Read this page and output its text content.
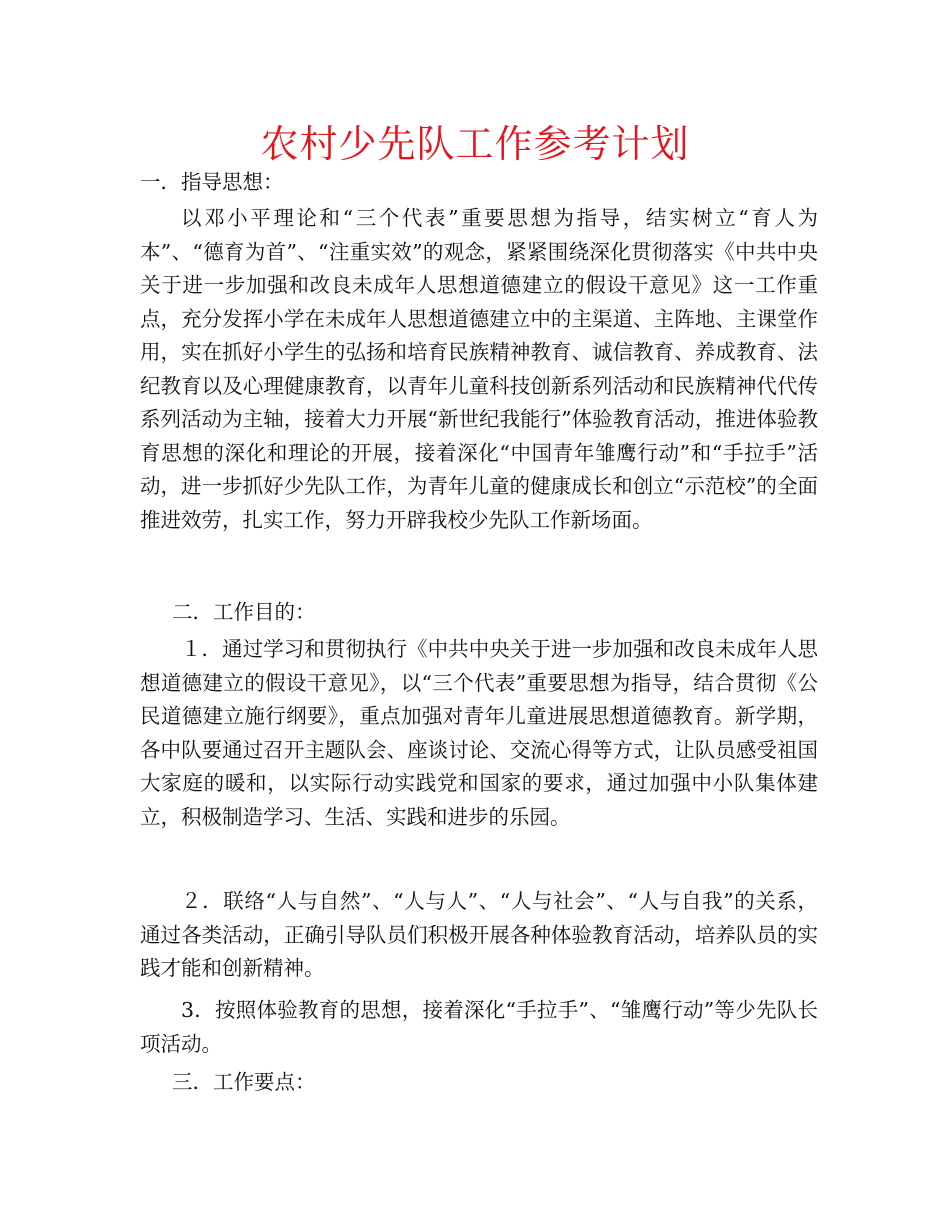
农村少先队工作参考计划
一．指导思想：
以邓小平理论和“三个代表”重要思想为指导，结实树立“育人为本”、“德育为首”、“注重实效”的观念，紧紧围绕深化贯彻落实《中共中央关于进一步加强和改良未成年人思想道德建立的假设干意见》这一工作重点，充分发挥小学在未成年人思想道德建立中的主渠道、主阵地、主课堂作用，实在抓好小学生的弘扬和培育民族精神教育、诚信教育、养成教育、法纪教育以及心理健康教育，以青年儿童科技创新系列活动和民族精神代代传系列活动为主轴，接着大力开展“新世纪我能行”体验教育活动，推进体验教育思想的深化和理论的开展，接着深化“中国青年雏鹰行动”和“手拉手”活动，进一步抓好少先队工作，为青年儿童的健康成长和创立“示范校”的全面推进效劳，扎实工作，努力开辟我校少先队工作新场面。
二．工作目的：
１．通过学习和贯彻执行《中共中央关于进一步加强和改良未成年人思想道德建立的假设干意见》，以“三个代表”重要思想为指导，结合贯彻《公民道德建立施行纲要》，重点加强对青年儿童进展思想道德教育。新学期，各中队要通过召开主题队会、座谈讨论、交流心得等方式，让队员感受祖国大家庭的暖和，以实际行动实践党和国家的要求，通过加强中小队集体建立，积极制造学习、生活、实践和进步的乐园。
２．联络“人与自然”、“人与人”、“人与社会”、“人与自我”的关系，通过各类活动，正确引导队员们积极开展各种体验教育活动，培养队员的实践才能和创新精神。
3．按照体验教育的思想，接着深化“手拉手”、“雏鹰行动”等少先队长项活动。
三．工作要点：
